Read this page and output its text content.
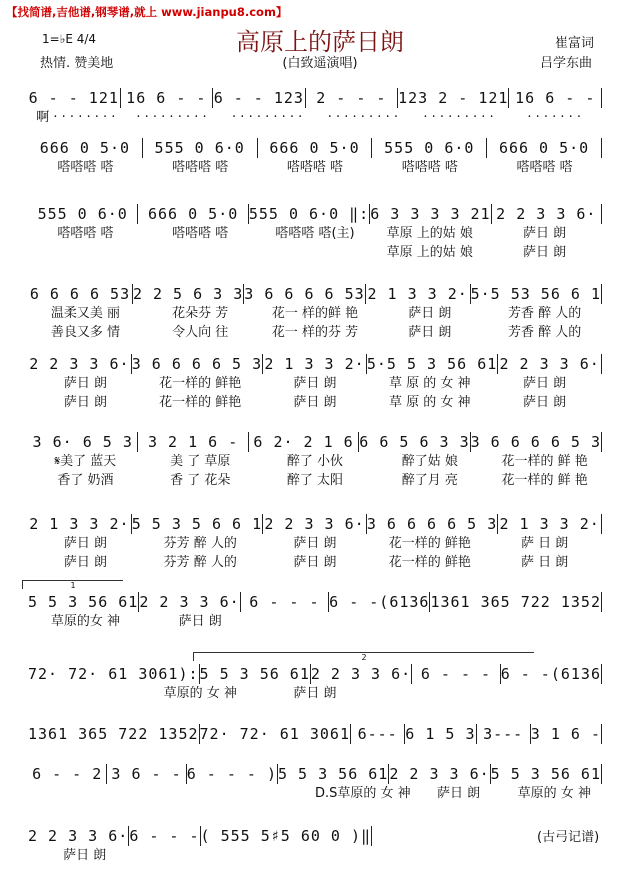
【找简谱,吉他谱,钢琴谱,就上 www.jianpu8.com】
高原上的萨日朗
1=♭E 4/4
热情. 赞美地	(白致遥演唱)
崔富词
吕学东曲
6 - - 121 16 6 - - 6 - - 123 2 - - - 123 2 - 121 16 6 - -
啊 · · · · · · · ·	· · · · · · · · ·	· · · · · · · · ·	· · · · · · · · ·	· · · · · · · · ·	· · · · · · ·
666 0 5·0	555 0 6·0	666 0 5·0	555 0 6·0	666 0 5·0
嗒嗒嗒 嗒	嗒嗒嗒 嗒	嗒嗒嗒 嗒	嗒嗒嗒 嗒	嗒嗒嗒 嗒
555 0 6·0	666 0 5·0 555 0 6·0 ‖: 6 3 3 3 3 21 2 2 3 3 6·
嗒嗒嗒 嗒	嗒嗒嗒 嗒	嗒嗒嗒 嗒(主)	草原 上的姑 娘	萨日 朗
草原 上的姑 娘	萨日 朗
6 6 6 6 53 2 2 5 6 3 3 3 6 6 6 6 53 2 1 3 3 2· 5·5 53 56 6 1
温柔又美 丽	花朵芬 芳	花一 样的鲜 艳	萨日 朗	芳香 醉 人的
善良又多 情	令人向 往	花一 样的芬 芳	萨日 朗	芳香 醉 人的
2 2 3 3 6· 3 6 6 6 6 5 3 2 1 3 3 2· 5·5 5 3 56 61 2 2 3 3 6·
萨日 朗	花一样的 鲜艳	萨日 朗	草 原 的 女 神	萨日 朗
萨日 朗	花一样的 鲜艳	萨日 朗	草 原 的 女 神	萨日 朗
3 6· 6 5 3	3 2 1 6 -	6 2· 2 1 6 6 6 5 6 3 3 3 6 6 6 6 5 3
𝄋美了 蓝天	美 了 草原	醉了 小伙	醉了姑 娘	花一样的 鲜 艳
香了 奶酒	香 了 花朵	醉了 太阳	醉了月 亮	花一样的 鲜 艳
2 1 3 3 2· 5 5 3 5 6 6 1 2 2 3 3 6· 3 6 6 6 6 5 3 2 1 3 3 2·
萨日 朗	芬芳 醉 人的	萨日 朗	花一样的 鲜艳	萨 日 朗
萨日 朗	芬芳 醉 人的	萨日 朗	花一样的 鲜艳	萨 日 朗
1
5 5 3 56 61 2 2 3 3 6· 6 - - - 6 - -(6136 1361 365 722 1352
草原的女 神	萨日 朗
2
72· 72· 61 3061): 5 5 3 56 61 2 2 3 3 6· 6 - - - 6 - -(6136
草原的 女 神	萨日 朗
1361 365 722 1352 72· 72· 61 3061 6--- 6 1 5 3 3--- 3 1 6 -
6 - - 2 3 6 - - 6 - - - ) 5 5 3 56 61 2 2 3 3 6· 5 5 3 56 61
D.S草原的 女 神	萨日 朗	草原的 女 神
2 2 3 3 6· 6 - - - ( 555 5♯5 60 0 )‖
萨日 朗
(古弓记谱)
